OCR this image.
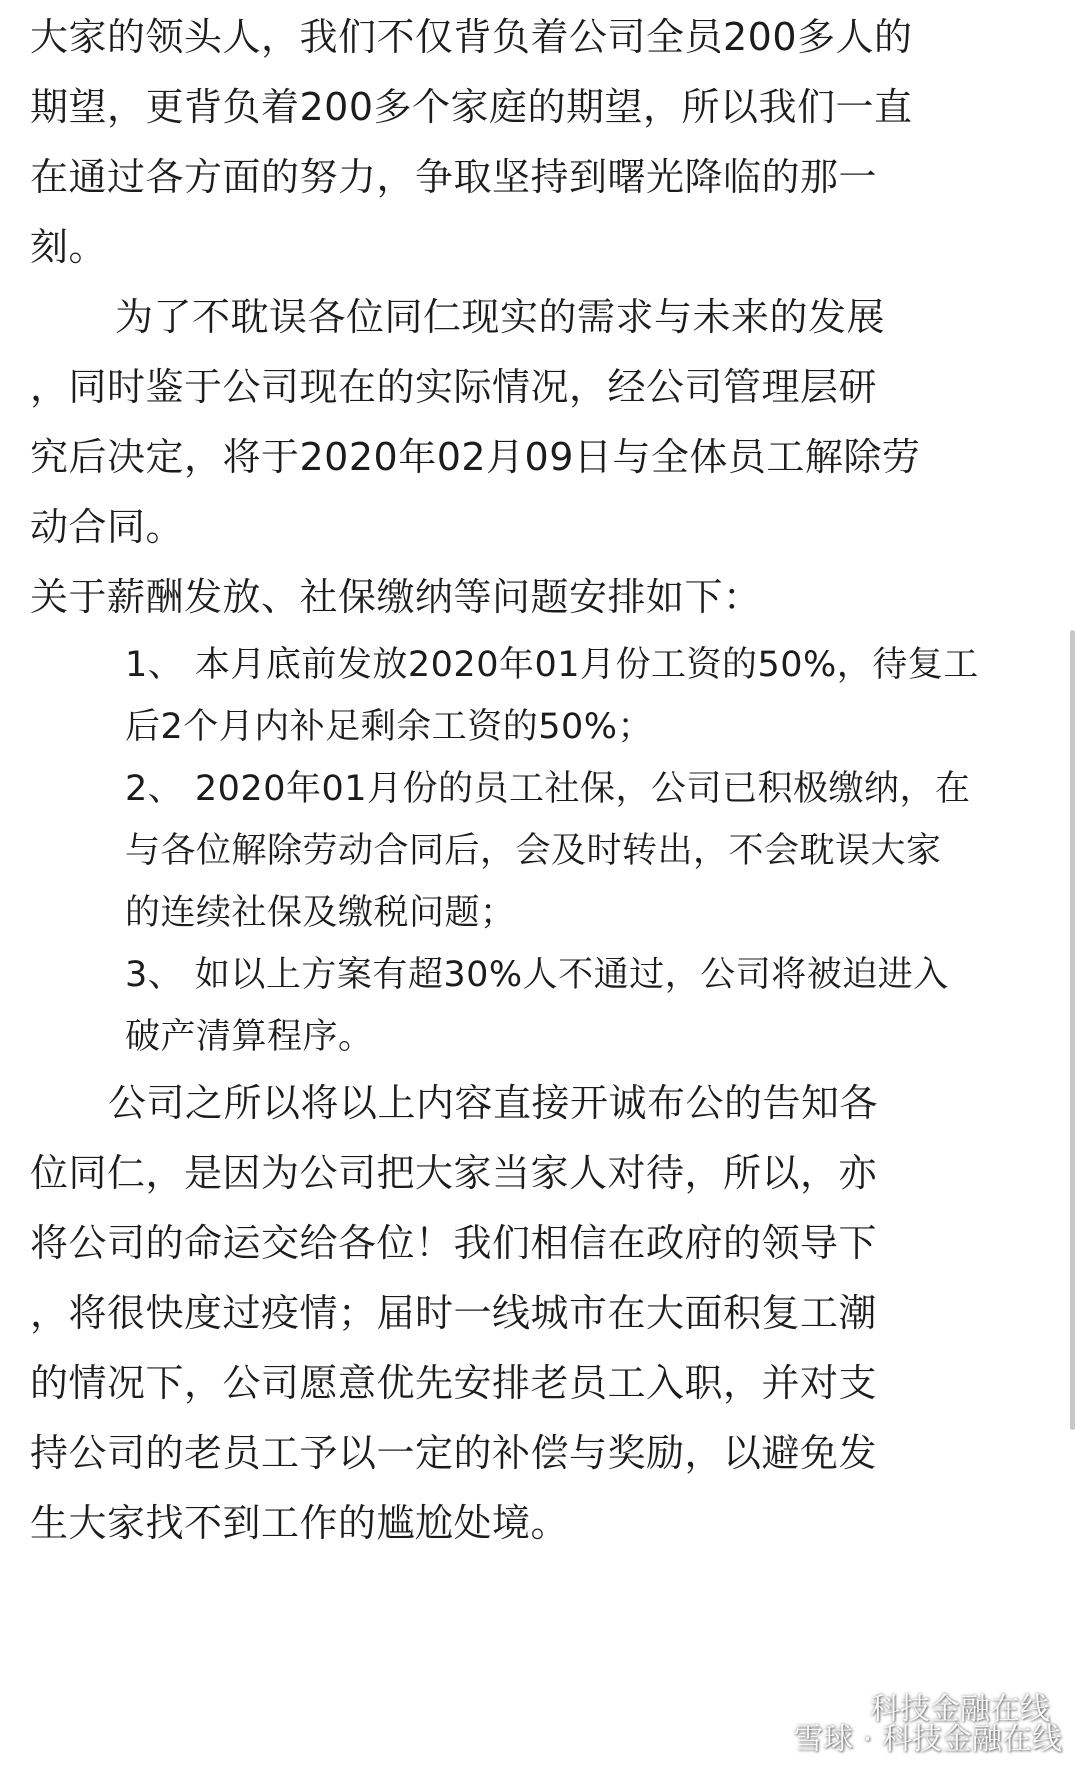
大家的领头人，我们不仅背负着公司全员200多人的
期望，更背负着200多个家庭的期望，所以我们一直
在通过各方面的努力，争取坚持到曙光降临的那一
刻。
为了不耽误各位同仁现实的需求与未来的发展
，同时鉴于公司现在的实际情况，经公司管理层研
究后决定，将于2020年02月09日与全体员工解除劳
动合同。
关于薪酬发放、社保缴纳等问题安排如下：
1、 本月底前发放2020年01月份工资的50%，待复工
后2个月内补足剩余工资的50%；
2、 2020年01月份的员工社保，公司已积极缴纳，在
与各位解除劳动合同后，会及时转出，不会耽误大家
的连续社保及缴税问题；
3、 如以上方案有超30%人不通过，公司将被迫进入
破产清算程序。
公司之所以将以上内容直接开诚布公的告知各
位同仁，是因为公司把大家当家人对待，所以，亦
将公司的命运交给各位！我们相信在政府的领导下
，将很快度过疫情；届时一线城市在大面积复工潮
的情况下，公司愿意优先安排老员工入职，并对支
持公司的老员工予以一定的补偿与奖励，以避免发
生大家找不到工作的尴尬处境。
科技金融在线
雪球 · 科技金融在线
